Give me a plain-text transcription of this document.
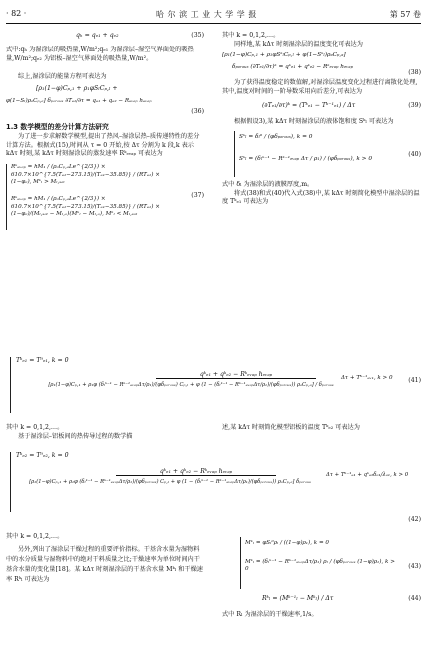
· 82 ·	哈 尔 滨 工 业 大 学 学 报	第 57 卷
qₕ = qₑ₁ + qₑ₂	(35)
式中:qₕ 为湿涂层的吸热量,W/m²;qₑ₁ 为湿涂层–湿空气界面处的吸热量,W/m²;qₑ₂ 为铝板–湿空气界面处的吸热量,W/m²。

综上,湿涂层的能量方程可表达为

[ρ₁(1−φ)Cₚ,₁ + ρ₁φSₗCₚ,ₗ +
φ(1−Sₗ)ρₐCₚ,ₐ] δₚₒᵣₒᵤₛ ∂Tₑ₁/∂τ = qₑ₁ + qₑ₂ − Rₑᵥₐₚ hₑᵥₐₚ
(36)
1.3 数学模型的差分计算方法研究

为了进一步求解数学模型,提出了热风–湿涂层热–质传递特性的差分计算方法。根据式(15),时间从 τ = 0 开始,按 Δτ 分割为 k 段,k 表示 kΔτ 时刻,某 kΔτ 时刻湿涂层的蒸发速率 Rᵏₑᵥₐₚ 可表达为

Rᵏₑᵥₐₚ = hM₁ / (ρₐCₚ,ₐLe^{2/3}) × 610.7×10^{7.5(Tₑ₁−273.15)/(Tₑ₁−35.85)} / (RTₑ₁) × (1−φₐ), Mᵏₗ > Mₗ,ₛₐₜ
Rᵏₑᵥₐₚ = hM₁ / (ρₐCₚ,ₐLe^{2/3}) × 610.7×10^{7.5(Tₑ₁−273.15)/(Tₑ₁−35.85)} / (RTₑ₁) × (1−φₐ)/(Mₗ,ₛₐₜ − Mₗ,ₒ)(Mᵏₗ − Mₗ,ₒ), Mᵏₗ < Mₗ,ₛₐₜ
(37)
其中 k = 0,1,2,…。

同样地,某 kΔτ 时刻湿涂层的温度变化可表达为

[ρ₁(1−φ)Cₚ,₁ + ρ₁φSᵏₗCₚ,ₗ + φ(1−Sᵏₗ)ρₐCₚ,ₐ]
δₚₒᵣₒᵤₛ (∂Tₑ₁/∂τ)ᵏ = qᵏₑ₁ + qᵏₑ₂ − Rᵏₑᵥₐₚ hₑᵥₐₚ
(38)

为了获得温度稳定的数值解,对湿涂层温度变化过程进行离散化处理,其中,温度对时间的一阶导数采用向后差分,可表达为

(∂Tₑ₁/∂τ)ᵏ = (Tᵏₑ₁ − Tᵏ⁻¹ₑ₁) / Δτ	(39)

根据假设3),某 kΔτ 时刻湿涂层的液体饱和度 Sᵏₗ 可表达为

Sᵏₗ = δₗ⁰ / (φδₚₒᵣₒᵤₛ), k = 0
Sᵏₗ = (δₗᵏ⁻¹ − Rᵏ⁻¹ₑᵥₐₚ Δτ / ρ₁) / (φδₚₒᵣₒᵤₛ), k > 0
(40)
式中 δₗ 为湿涂层的液膜厚度,m。

将式(38)和式(40)代入式(38)中,某 kΔτ 时刻简化模型中湿涂层的温度 Tᵏₑ₁ 可表达为

Tᵏₑ₁ = T⁰ₑ₁, k = 0
qᵏₑ₁ + qᵏₑ₂ − Rᵏₑᵥₐₚ hₑᵥₐₚ
[ρ₁(1−φ)Cₚ,₁ + ρ₁φ (δₗᵏ⁻¹ − Rᵏ⁻¹ₑᵥₐₚΔτ/ρ₁)/(φδₚₒᵣₒᵤₛ) Cₚ,ₗ + φ (1 − (δₗᵏ⁻¹ − Rᵏ⁻¹ₑᵥₐₚΔτ/ρ₁)/(φδₚₒᵣₒᵤₛ)) ρₐCₚ,ₐ] / δₚₒᵣₒᵤₛ
Δτ + Tᵏ⁻¹ₑᵥ₁, k > 0	(41)
其中 k = 0,1,2,…。
基于湿涂层–铝板间的热传导过程的数学描
述,某 kΔτ 时刻简化模型铝板的温度 Tᵏₑ₂ 可表达为
Tᵏₑ₂ = T⁰ₑ₂, k = 0
qᵏₑ₁ + qᵏₑ₂ − Rᵏₑᵥₐₚ hₑᵥₐₚ
[ρ₁(1−φ)Cₚ,₁ + ρ₁φ (δₗᵏ⁻¹ − Rᵏ⁻¹ₑᵥₐₚΔτ/ρ₁)/(φδₚₒᵣₒᵤₛ) Cₚ,ₗ + φ (1 − (δₗᵏ⁻¹ − Rᵏ⁻¹ₑᵥₐₚΔτ/ρ₁)/(φδₚₒᵣₒᵤₛ)) ρₐCₚ,ₐ] δₚₒᵣₒᵤₛ
Δτ + Tᵏ⁻¹ₑ₁ + qᵏₑ₂δₐ₁/λₐ₁, k > 0
(42)
其中 k = 0,1,2,…。

另外,列出了湿涂层干燥过程的重要评价指标。干基含水量为湿物料中的水分质量与湿物料中的绝对干料质量之比;干燥速率为单位时间内干基含水量的变化量[18]。某 kΔτ 时刻湿涂层的干基含水量 Mᵏₗ 和干燥速率 Rᵏₗ 可表达为

Mᵏₗ = φSₗ⁰ρₗ / ((1−φ)ρ₁), k = 0
Mᵏₗ = (δₗᵏ⁻¹ − Rᵏ⁻¹ₑᵥₐₚΔτ/ρ₁) ρₗ / (φδₚₒᵣₒᵤₛ (1−φ)ρ₁), k > 0	(43)
Rᵏₗ = (Mᵏ⁻¹ₗ − Mᵏₗ) / Δτ	(44)
式中 Rₗ 为湿涂层的干燥速率,1/s。
